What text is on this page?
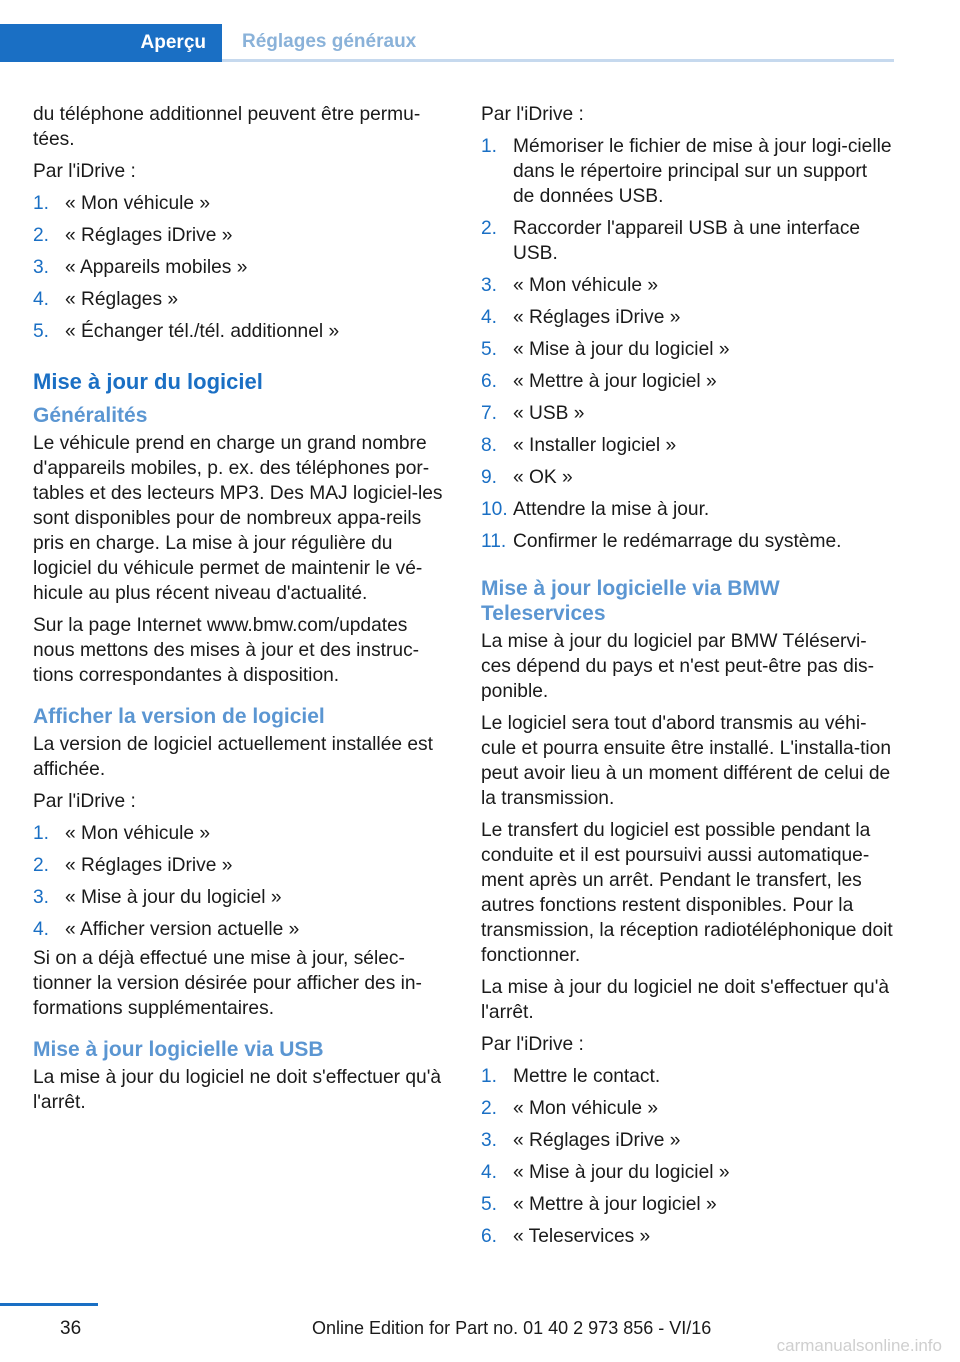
Aperçu	Réglages généraux

du téléphone additionnel peuvent être permu-tées.

Par l'iDrive :

1. « Mon véhicule »
2. « Réglages iDrive »
3. « Appareils mobiles »
4. « Réglages »
5. « Échanger tél./tél. additionnel »
Mise à jour du logiciel
Généralités

Le véhicule prend en charge un grand nombre d'appareils mobiles, p. ex. des téléphones por-tables et des lecteurs MP3. Des MAJ logiciel-les sont disponibles pour de nombreux appa-reils pris en charge. La mise à jour régulière du logiciel du véhicule permet de maintenir le vé-hicule au plus récent niveau d'actualité.

Sur la page Internet www.bmw.com/updates nous mettons des mises à jour et des instruc-tions correspondantes à disposition.

Afficher la version de logiciel

La version de logiciel actuellement installée est affichée.

Par l'iDrive :

1. « Mon véhicule »
2. « Réglages iDrive »
3. « Mise à jour du logiciel »
4. « Afficher version actuelle »

Si on a déjà effectué une mise à jour, sélec-tionner la version désirée pour afficher des in-formations supplémentaires.

Mise à jour logicielle via USB

La mise à jour du logiciel ne doit s'effectuer qu'à l'arrêt.

Par l'iDrive :

1. Mémoriser le fichier de mise à jour logi-cielle dans le répertoire principal sur un support de données USB.
2. Raccorder l'appareil USB à une interface USB.
3. « Mon véhicule »
4. « Réglages iDrive »
5. « Mise à jour du logiciel »
6. « Mettre à jour logiciel »
7. « USB »
8. « Installer logiciel »
9. « OK »
10. Attendre la mise à jour.
11. Confirmer le redémarrage du système.
Mise à jour logicielle via BMW Teleservices

La mise à jour du logiciel par BMW Téléservi-ces dépend du pays et n'est peut-être pas dis-ponible.

Le logiciel sera tout d'abord transmis au véhi-cule et pourra ensuite être installé. L'installa-tion peut avoir lieu à un moment différent de celui de la transmission.

Le transfert du logiciel est possible pendant la conduite et il est poursuivi aussi automatique-ment après un arrêt. Pendant le transfert, les autres fonctions restent disponibles. Pour la transmission, la réception radiotéléphonique doit fonctionner.

La mise à jour du logiciel ne doit s'effectuer qu'à l'arrêt.

Par l'iDrive :

1. Mettre le contact.
2. « Mon véhicule »
3. « Réglages iDrive »
4. « Mise à jour du logiciel »
5. « Mettre à jour logiciel »
6. « Teleservices »
36	Online Edition for Part no. 01 40 2 973 856 - VI/16
carmanualsonline.info
